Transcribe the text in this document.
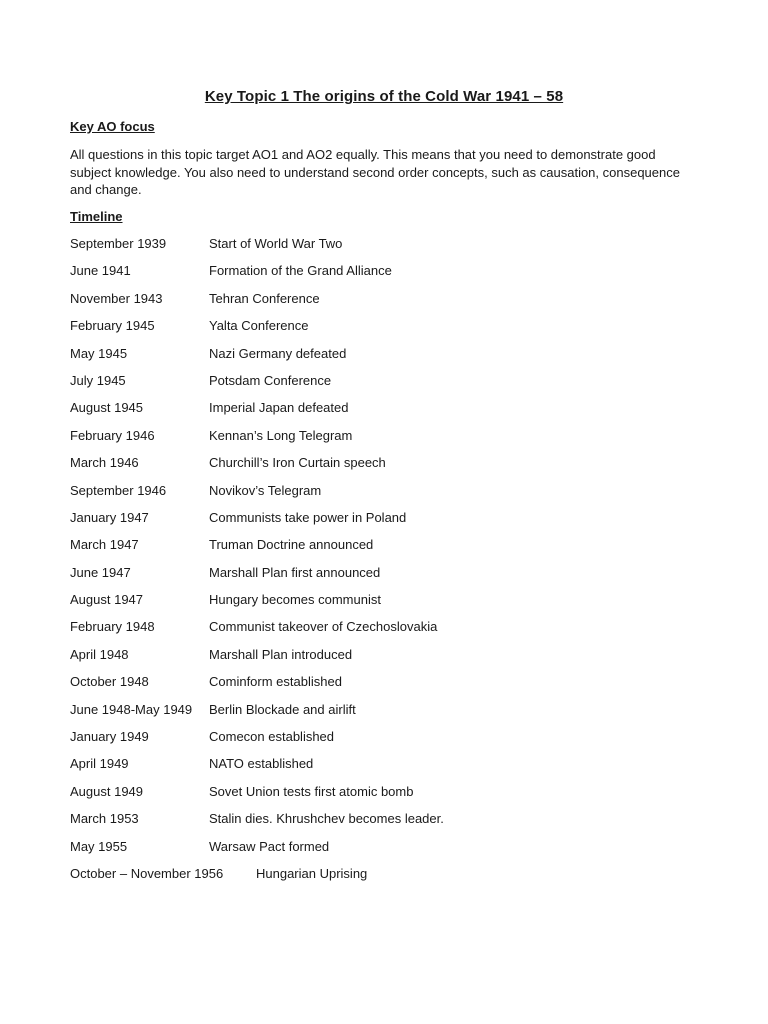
Key Topic 1 The origins of the Cold War 1941 – 58
Key AO focus
All questions in this topic target AO1 and AO2 equally. This means that you need to demonstrate good subject knowledge. You also need to understand second order concepts, such as causation, consequence and change.
Timeline
September 1939	Start of World War Two
June 1941	Formation of the Grand Alliance
November 1943	Tehran Conference
February 1945	Yalta Conference
May 1945	Nazi Germany defeated
July 1945	Potsdam Conference
August 1945	Imperial Japan defeated
February 1946	Kennan’s Long Telegram
March 1946	Churchill’s Iron Curtain speech
September 1946	Novikov’s Telegram
January 1947	Communists take power in Poland
March 1947	Truman Doctrine announced
June 1947	Marshall Plan first announced
August 1947	Hungary becomes communist
February 1948	Communist takeover of Czechoslovakia
April 1948	Marshall Plan introduced
October 1948	Cominform established
June 1948-May 1949 Berlin Blockade and airlift
January 1949	Comecon established
April 1949	NATO established
August 1949	Sovet Union tests first atomic bomb
March 1953	Stalin dies. Khrushchev becomes leader.
May 1955	Warsaw Pact formed
October – November 1956	Hungarian Uprising
